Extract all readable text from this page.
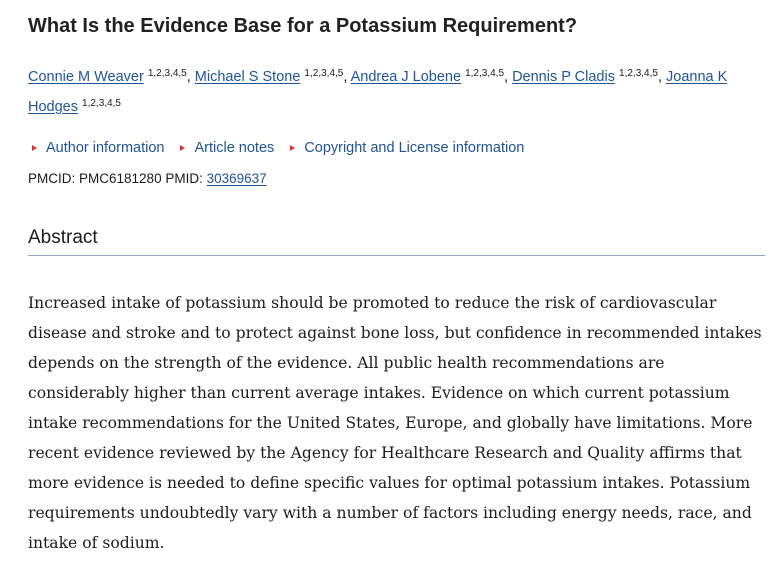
What Is the Evidence Base for a Potassium Requirement?
Connie M Weaver $^{1,2,3,4,5}$, Michael S Stone $^{1,2,3,4,5}$, Andrea J Lobene $^{1,2,3,4,5}$, Dennis P Cladis $^{1,2,3,4,5}$, Joanna K Hodges $^{1,2,3,4,5}$
Author information Article notes Copyright and License information
PMCID: PMC6181280 PMID: 30369637
Abstract

Increased intake of potassium should be promoted to reduce the risk of cardiovascular disease and stroke and to protect against bone loss, but confidence in recommended intakes depends on the strength of the evidence. All public health recommendations are considerably higher than current average intakes. Evidence on which current potassium intake recommendations for the United States, Europe, and globally have limitations. More recent evidence reviewed by the Agency for Healthcare Research and Quality affirms that more evidence is needed to define specific values for optimal potassium intakes. Potassium requirements undoubtedly vary with a number of factors including energy needs, race, and intake of sodium.
